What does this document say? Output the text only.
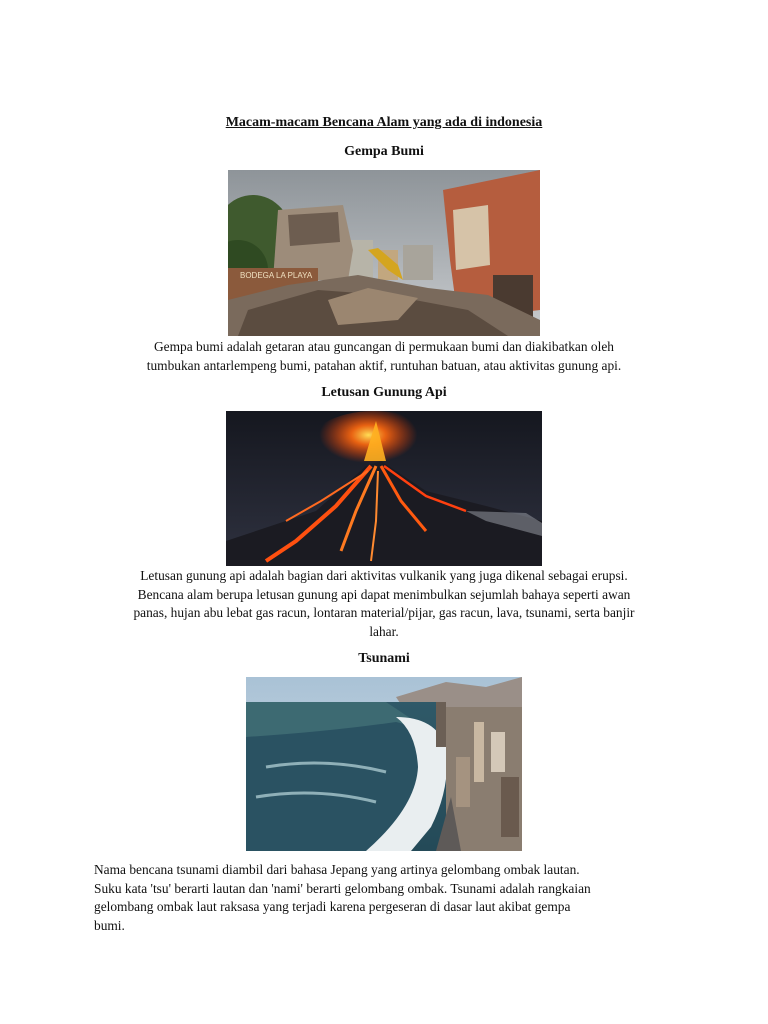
Macam-macam Bencana Alam yang ada di indonesia
Gempa Bumi
BODEGA LA PLAYA
Gempa bumi adalah getaran atau guncangan di permukaan bumi dan diakibatkan oleh
tumbukan antarlempeng bumi, patahan aktif, runtuhan batuan, atau aktivitas gunung api.
Letusan Gunung Api
Letusan gunung api adalah bagian dari aktivitas vulkanik yang juga dikenal sebagai erupsi.
Bencana alam berupa letusan gunung api dapat menimbulkan sejumlah bahaya seperti awan
panas, hujan abu lebat gas racun, lontaran material/pijar, gas racun, lava, tsunami, serta banjir
lahar.
Tsunami
Nama bencana tsunami diambil dari bahasa Jepang yang artinya gelombang ombak lautan.
Suku kata 'tsu' berarti lautan dan 'nami' berarti gelombang ombak. Tsunami adalah rangkaian
gelombang ombak laut raksasa yang terjadi karena pergeseran di dasar laut akibat gempa
bumi.
